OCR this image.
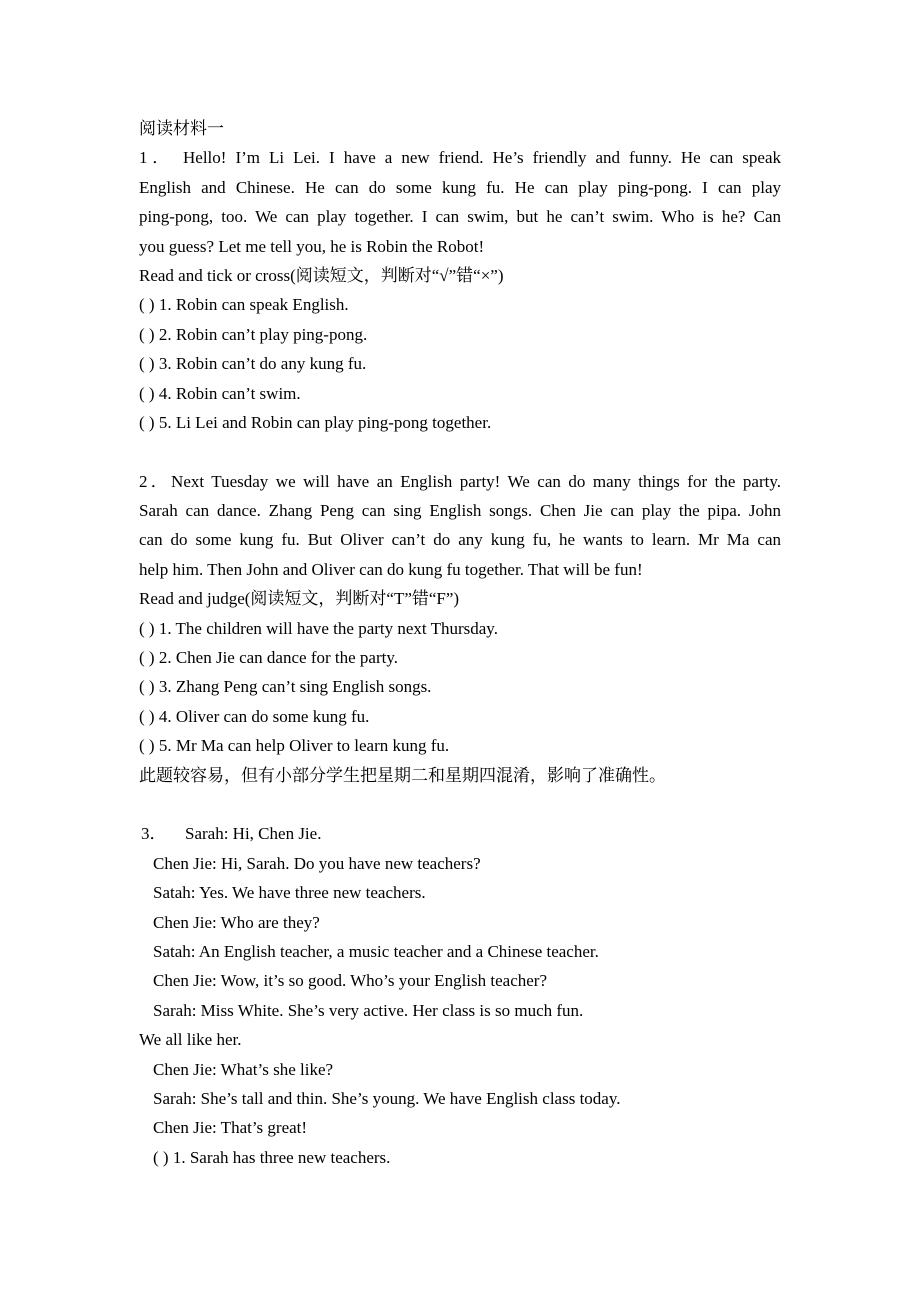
阅读材料一
1． Hello! I’m Li Lei. I have a new friend. He’s friendly and funny. He can speak
English and Chinese. He can do some kung fu. He can play ping-pong. I can play
ping-pong, too. We can play together. I can swim, but he can’t swim. Who is he? Can
you guess? Let me tell you, he is Robin the Robot!
Read and tick or cross(阅读短文，判断对“√”错“×”)
( ) 1. Robin can speak English.
( ) 2. Robin can’t play ping-pong.
( ) 3. Robin can’t do any kung fu.
( ) 4. Robin can’t swim.
( ) 5. Li Lei and Robin can play ping-pong together.
2．Next Tuesday we will have an English party! We can do many things for the party.
Sarah can dance. Zhang Peng can sing English songs. Chen Jie can play the pipa. John
can do some kung fu. But Oliver can’t do any kung fu, he wants to learn. Mr Ma can
help him. Then John and Oliver can do kung fu together. That will be fun!
Read and judge(阅读短文，判断对“T”错“F”)
( ) 1. The children will have the party next Thursday.
( ) 2. Chen Jie can dance for the party.
( ) 3. Zhang Peng can’t sing English songs.
( ) 4. Oliver can do some kung fu.
( ) 5. Mr Ma can help Oliver to learn kung fu.
此题较容易，但有小部分学生把星期二和星期四混淆，影响了准确性。
3． Sarah: Hi, Chen Jie.
Chen Jie: Hi, Sarah. Do you have new teachers?
Satah: Yes. We have three new teachers.
Chen Jie: Who are they?
Satah: An English teacher, a music teacher and a Chinese teacher.
Chen Jie: Wow, it’s so good. Who’s your English teacher?
Sarah: Miss White. She’s very active. Her class is so much fun.
We all like her.
Chen Jie: What’s she like?
Sarah: She’s tall and thin. She’s young. We have English class today.
Chen Jie: That’s great!
( ) 1. Sarah has three new teachers.
